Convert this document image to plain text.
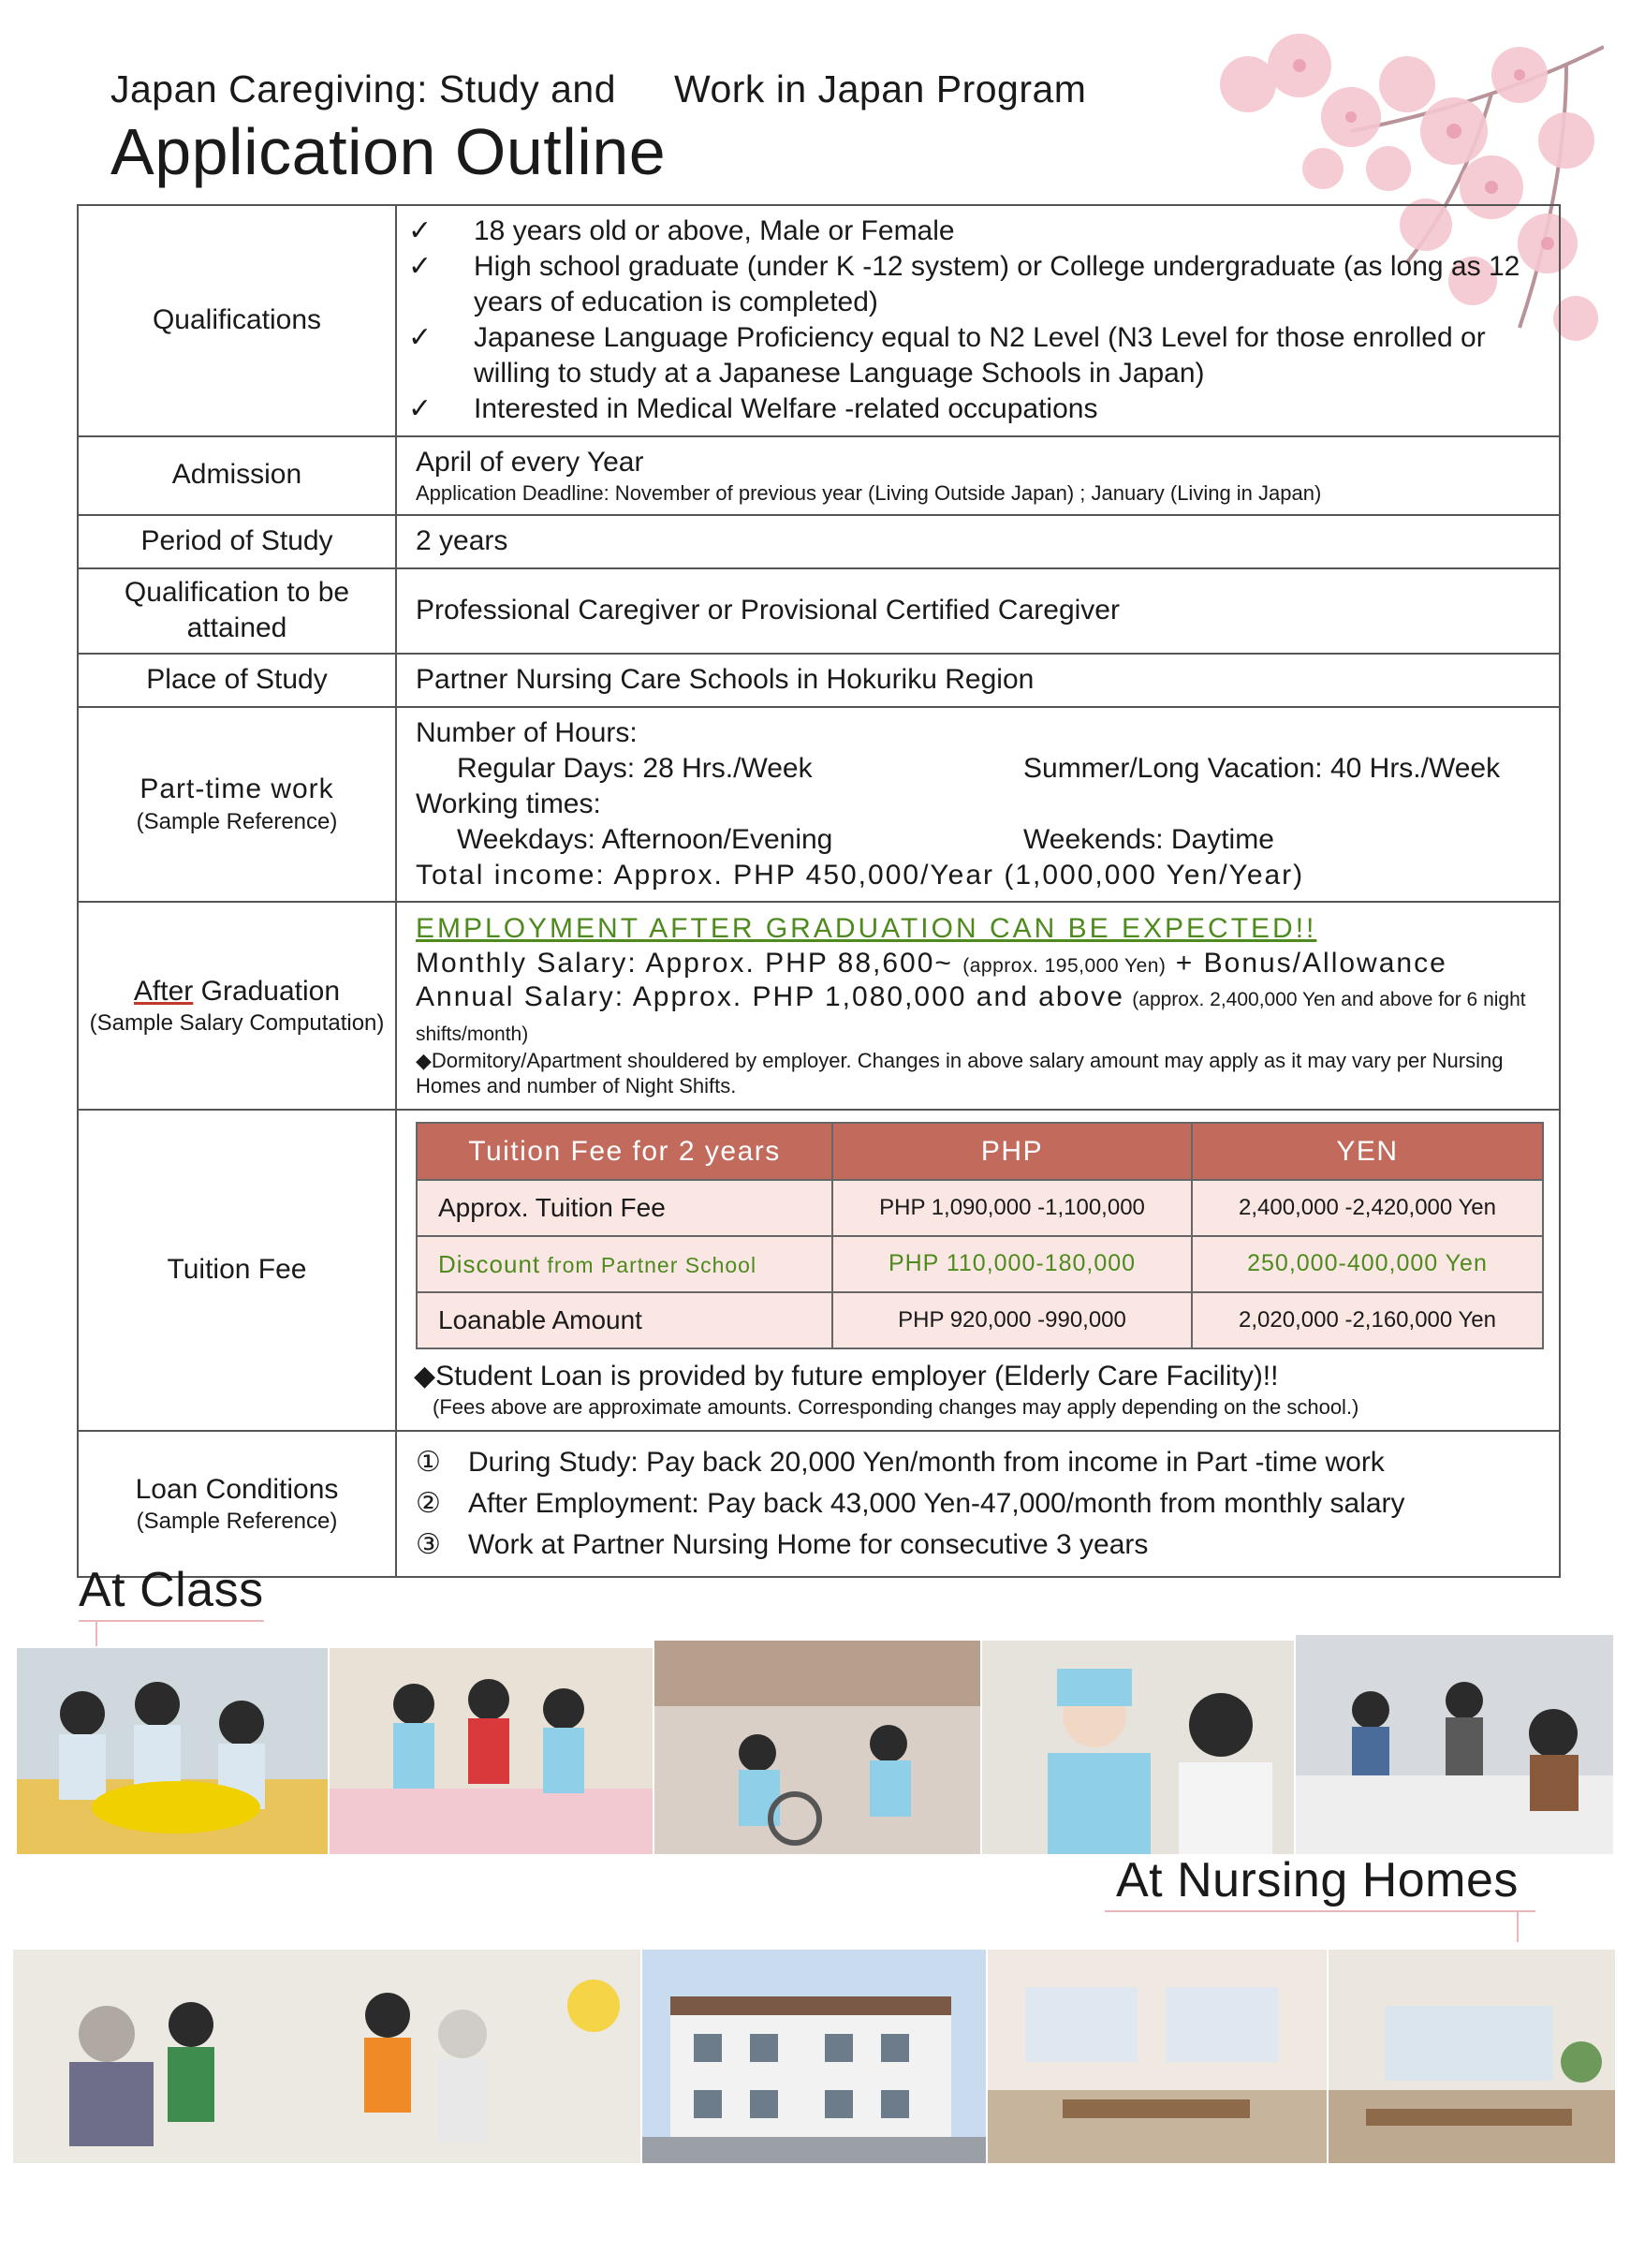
Japan Caregiving: Study and Work in Japan Program
Application Outline
Qualifications	
✓	18 years old or above, Male or Female
✓	High school graduate (under K -12 system) or College undergraduate (as long as 12 years of education is completed)
✓	Japanese Language Proficiency equal to N2 Level (N3 Level for those enrolled or willing to study at a Japanese Language Schools in Japan)
✓	Interested in Medical Welfare -related occupations

Admission	April of every Year
Application Deadline: November of previous year (Living Outside Japan) ; January (Living in Japan)

Period of Study	2 years
Qualification to be attained	Professional Caregiver or Provisional Certified Caregiver
Place of Study	Partner Nursing Care Schools in Hokuriku Region
Part-time work
(Sample Reference)

Number of Hours:
Regular Days: 28 Hrs./Week	Summer/Long Vacation: 40 Hrs./Week
Working times:
Weekdays: Afternoon/Evening	Weekends: Daytime
Total income: Approx. PHP 450,000/Year (1,000,000 Yen/Year)

After Graduation
(Sample Salary Computation)

EMPLOYMENT AFTER GRADUATION CAN BE EXPECTED!!
Monthly Salary: Approx. PHP 88,600~ (approx. 195,000 Yen) + Bonus/Allowance
Annual Salary: Approx. PHP 1,080,000 and above (approx. 2,400,000 Yen and above for 6 night shifts/month)
◆Dormitory/Apartment shouldered by employer. Changes in above salary amount may apply as it may vary per Nursing Homes and number of Night Shifts.

Tuition Fee	
Tuition Fee for 2 years	PHP	YEN
Approx. Tuition Fee	PHP 1,090,000 -1,100,000	2,400,000 -2,420,000 Yen
Discount from Partner School	PHP 110,000-180,000	250,000-400,000 Yen
Loanable Amount	PHP 920,000 -990,000	2,020,000 -2,160,000 Yen
◆Student Loan is provided by future employer (Elderly Care Facility)!!
(Fees above are approximate amounts. Corresponding changes may apply depending on the school.)

Loan Conditions
(Sample Reference)

① During Study: Pay back 20,000 Yen/month from income in Part -time work
② After Employment: Pay back 43,000 Yen-47,000/month from monthly salary
③ Work at Partner Nursing Home for consecutive 3 years
At Class
At Nursing Homes
